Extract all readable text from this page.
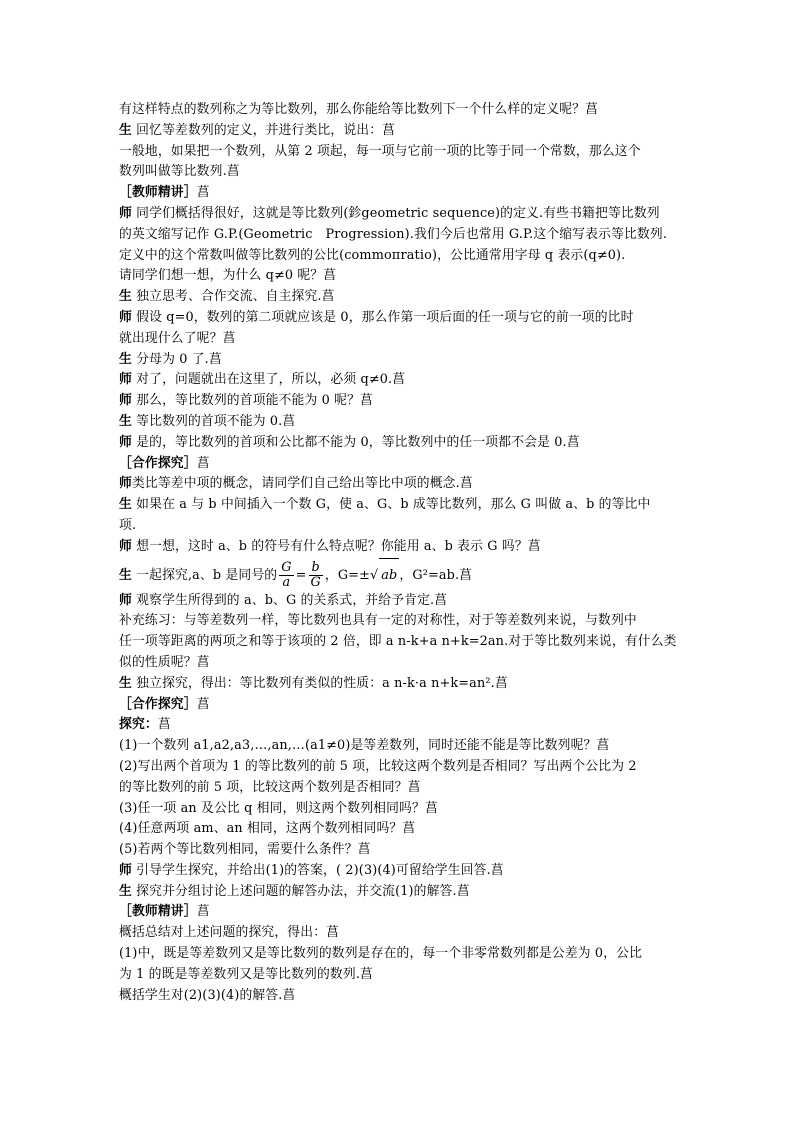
有这样特点的数列称之为等比数列，那么你能给等比数列下一个什么样的定义呢？菖
生 回忆等差数列的定义，并进行类比，说出：菖
一般地，如果把一个数列，从第 2 项起，每一项与它前一项的比等于同一个常数，那么这个
数列叫做等比数列.菖
［教师精讲］菖
师 同学们概括得很好，这就是等比数列(鉁geometric sequence)的定义.有些书籍把等比数列
的英文缩写记作 G.P.(Geometric　Progression).我们今后也常用 G.P.这个缩写表示等比数列.
定义中的这个常数叫做等比数列的公比(commoпratio)，公比通常用字母 q 表示(q≠0).
请同学们想一想，为什么 q≠0 呢？菖
生 独立思考、合作交流、自主探究.菖
师 假设 q=0，数列的第二项就应该是 0，那么作第一项后面的任一项与它的前一项的比时
就出现什么了呢？菖
生 分母为 0 了.菖
师 对了，问题就出在这里了，所以，必须 q≠0.菖
师 那么，等比数列的首项能不能为 0 呢？菖
生 等比数列的首项不能为 0.菖
师 是的，等比数列的首项和公比都不能为 0，等比数列中的任一项都不会是 0.菖
［合作探究］菖
师类比等差中项的概念，请同学们自己给出等比中项的概念.菖
生 如果在 a 与 b 中间插入一个数 G，使 a、G、b 成等比数列，那么 G 叫做 a、b 的等比中
项.
师 想一想，这时 a、b 的符号有什么特点呢？你能用 a、b 表示 G 吗？菖
生 一起探究,a、b 是同号的 $\frac{G}{a} = \frac{b}{G}$ ，G=±√ ab ，G²=ab.菖
师 观察学生所得到的 a、b、G 的关系式，并给予肯定.菖
补充练习：与等差数列一样，等比数列也具有一定的对称性，对于等差数列来说，与数列中
任一项等距离的两项之和等于该项的 2 倍，即 a n-k+a n+k=2an.对于等比数列来说，有什么类
似的性质呢？菖
生 独立探究，得出：等比数列有类似的性质：a n-k·a n+k=an².菖
［合作探究］菖
探究：菖
(1)一个数列 a1,a2,a3,…,an,…(a1≠0)是等差数列，同时还能不能是等比数列呢？菖
(2)写出两个首项为 1 的等比数列的前 5 项，比较这两个数列是否相同？写出两个公比为 2
的等比数列的前 5 项，比较这两个数列是否相同？菖
(3)任一项 an 及公比 q 相同，则这两个数列相同吗？菖
(4)任意两项 am、an 相同，这两个数列相同吗？菖
(5)若两个等比数列相同，需要什么条件？菖
师 引导学生探究，并给出(1)的答案，( 2)(3)(4)可留给学生回答.菖
生 探究并分组讨论上述问题的解答办法，并交流(1)的解答.菖
［教师精讲］菖
概括总结对上述问题的探究，得出：菖
(1)中，既是等差数列又是等比数列的数列是存在的，每一个非零常数列都是公差为 0，公比
为 1 的既是等差数列又是等比数列的数列.菖
概括学生对(2)(3)(4)的解答.菖
